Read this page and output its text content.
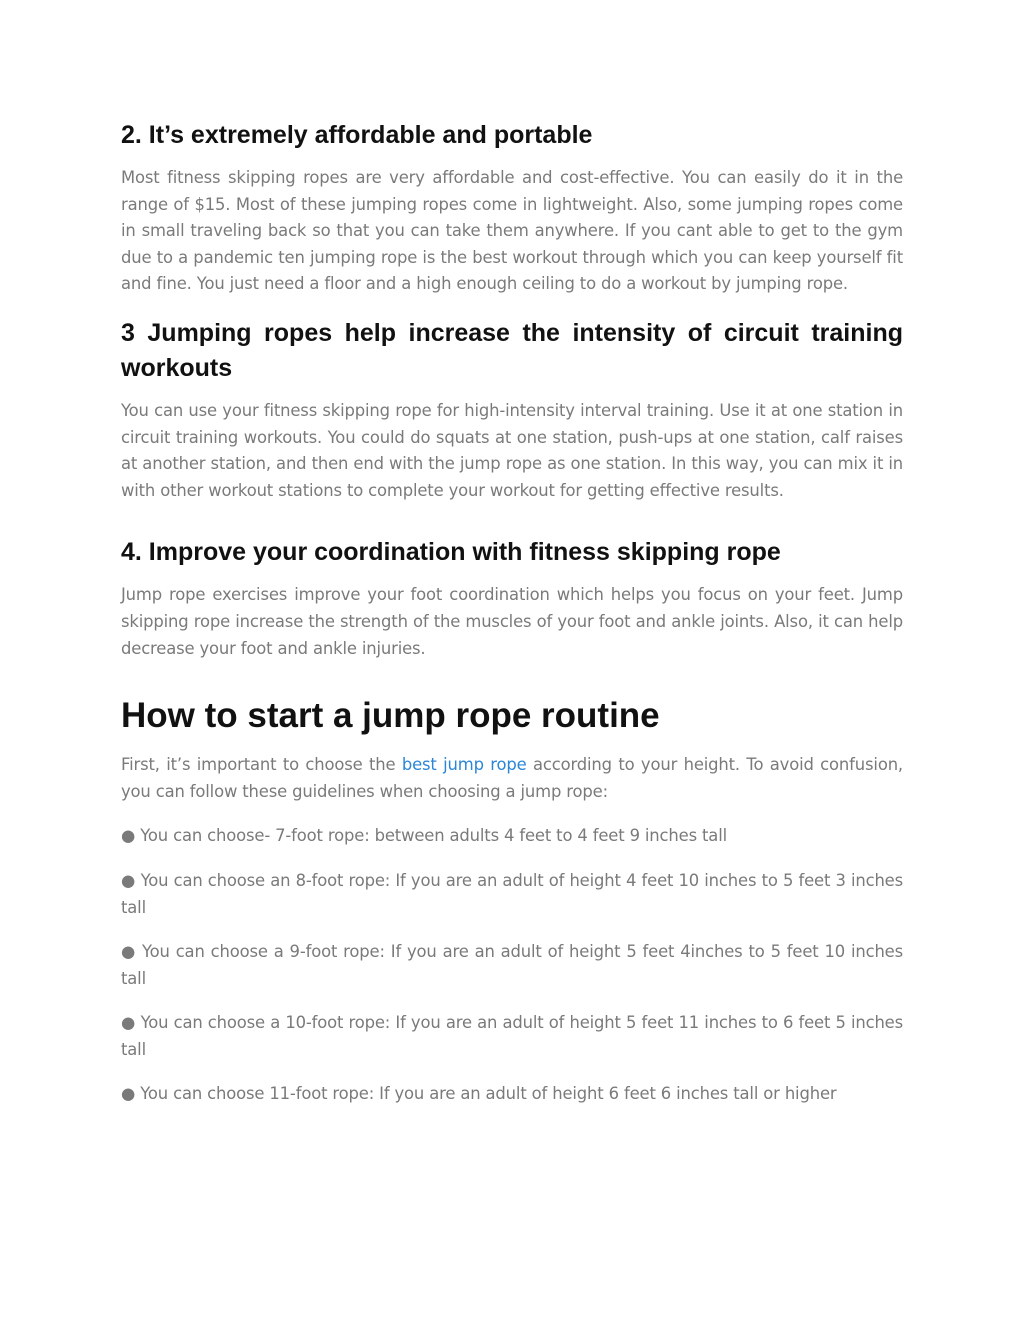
2. It’s extremely affordable and portable

Most fitness skipping ropes are very affordable and cost-effective. You can easily do it in the range of $15. Most of these jumping ropes come in lightweight. Also, some jumping ropes come in small traveling back so that you can take them anywhere. If you cant able to get to the gym due to a pandemic ten jumping rope is the best workout through which you can keep yourself fit and fine. You just need a floor and a high enough ceiling to do a workout by jumping rope.

3 Jumping ropes help increase the intensity of circuit training workouts

You can use your fitness skipping rope for high-intensity interval training. Use it at one station in circuit training workouts. You could do squats at one station, push-ups at one station, calf raises at another station, and then end with the jump rope as one station. In this way, you can mix it in with other workout stations to complete your workout for getting effective results.

4. Improve your coordination with fitness skipping rope

Jump rope exercises improve your foot coordination which helps you focus on your feet. Jump skipping rope increase the strength of the muscles of your foot and ankle joints. Also, it can help decrease your foot and ankle injuries.

How to start a jump rope routine

First, it’s important to choose the best jump rope according to your height. To avoid confusion, you can follow these guidelines when choosing a jump rope:

● You can choose- 7-foot rope: between adults 4 feet to 4 feet 9 inches tall
● You can choose an 8-foot rope: If you are an adult of height 4 feet 10 inches to 5 feet 3 inches tall
● You can choose a 9-foot rope: If you are an adult of height 5 feet 4inches to 5 feet 10 inches tall
● You can choose a 10-foot rope: If you are an adult of height 5 feet 11 inches to 6 feet 5 inches tall
● You can choose 11-foot rope: If you are an adult of height 6 feet 6 inches tall or higher
